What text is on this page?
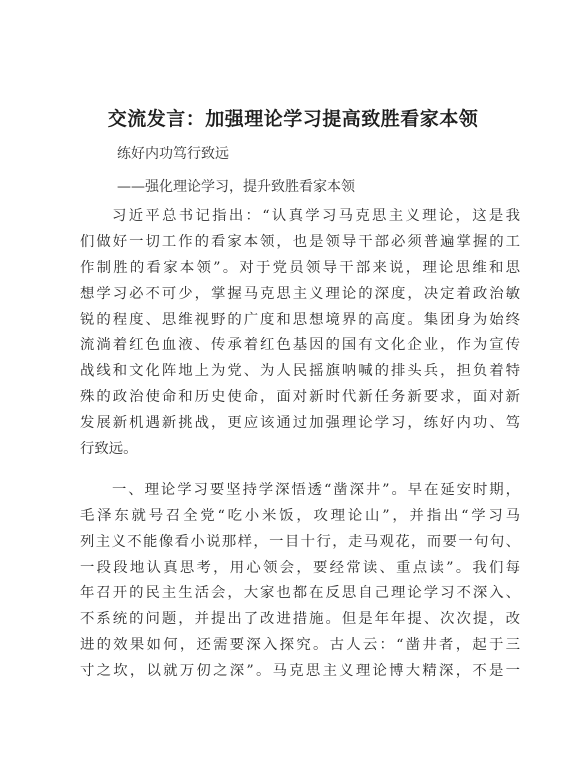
交流发言：加强理论学习提高致胜看家本领
练好内功笃行致远
——强化理论学习，提升致胜看家本领
习近平总书记指出：“认真学习马克思主义理论，这是我
们做好一切工作的看家本领，也是领导干部必须普遍掌握的工
作制胜的看家本领”。对于党员领导干部来说，理论思维和思
想学习必不可少，掌握马克思主义理论的深度，决定着政治敏
锐的程度、思维视野的广度和思想境界的高度。集团身为始终
流淌着红色血液、传承着红色基因的国有文化企业，作为宣传
战线和文化阵地上为党、为人民摇旗呐喊的排头兵，担负着特
殊的政治使命和历史使命，面对新时代新任务新要求，面对新
发展新机遇新挑战，更应该通过加强理论学习，练好内功、笃
行致远。
一、理论学习要坚持学深悟透“凿深井”。早在延安时期，
毛泽东就号召全党“吃小米饭，攻理论山”，并指出“学习马
列主义不能像看小说那样，一目十行，走马观花，而要一句句、
一段段地认真思考，用心领会，要经常读、重点读”。我们每
年召开的民主生活会，大家也都在反思自己理论学习不深入、
不系统的问题，并提出了改进措施。但是年年提、次次提，改
进的效果如何，还需要深入探究。古人云：“凿井者，起于三
寸之坎，以就万仞之深”。马克思主义理论博大精深，不是一
